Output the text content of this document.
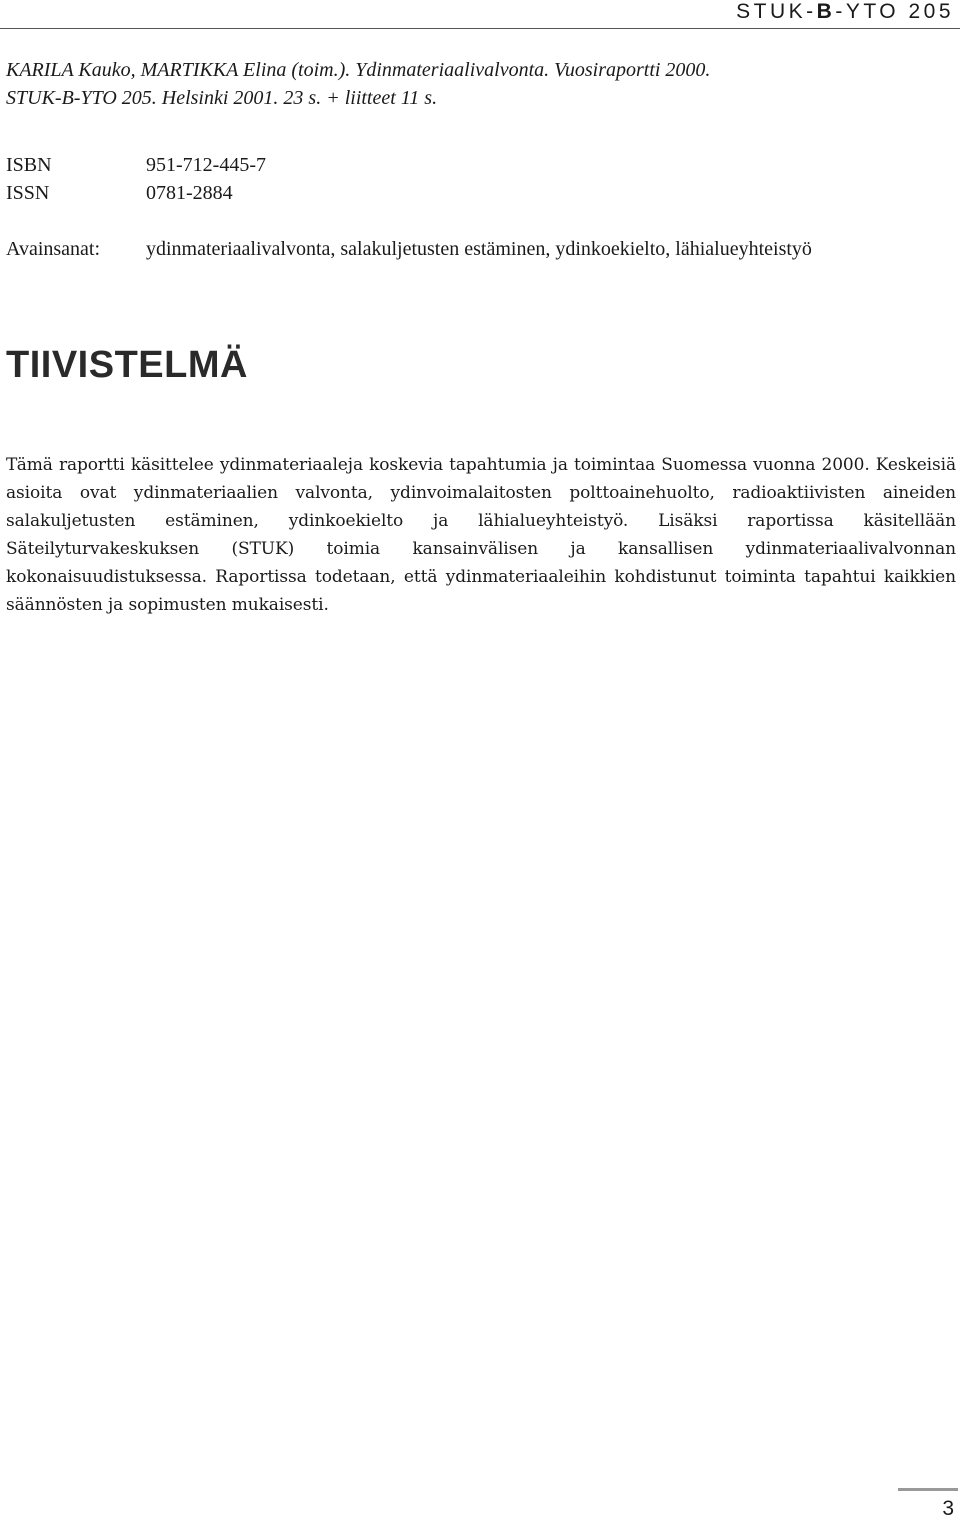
STUK-B-YTO 205
KARILA Kauko, MARTIKKA Elina (toim.). Ydinmateriaalivalvonta. Vuosiraportti 2000.
STUK-B-YTO 205. Helsinki 2001. 23 s. + liitteet 11 s.
ISBN	951-712-445-7
ISSN	0781-2884
Avainsanat: ydinmateriaalivalvonta, salakuljetusten estäminen, ydinkoekielto, lähialueyhteistyö
TIIVISTELMÄ

Tämä raportti käsittelee ydinmateriaaleja koskevia tapahtumia ja toimintaa Suomessa vuonna 2000. Keskeisiä asioita ovat ydinmateriaalien valvonta, ydinvoimalaitosten polttoainehuolto, radioaktiivisten aineiden salakuljetusten estäminen, ydinkoekielto ja lähialueyhteistyö. Lisäksi raportissa käsitellään Säteilyturvakeskuksen (STUK) toimia kansainvälisen ja kansallisen ydinmateriaalivalvonnan kokonaisuudistuksessa. Raportissa todetaan, että ydinmateriaaleihin kohdistunut toiminta tapahtui kaikkien säännösten ja sopimusten mukaisesti.

3
